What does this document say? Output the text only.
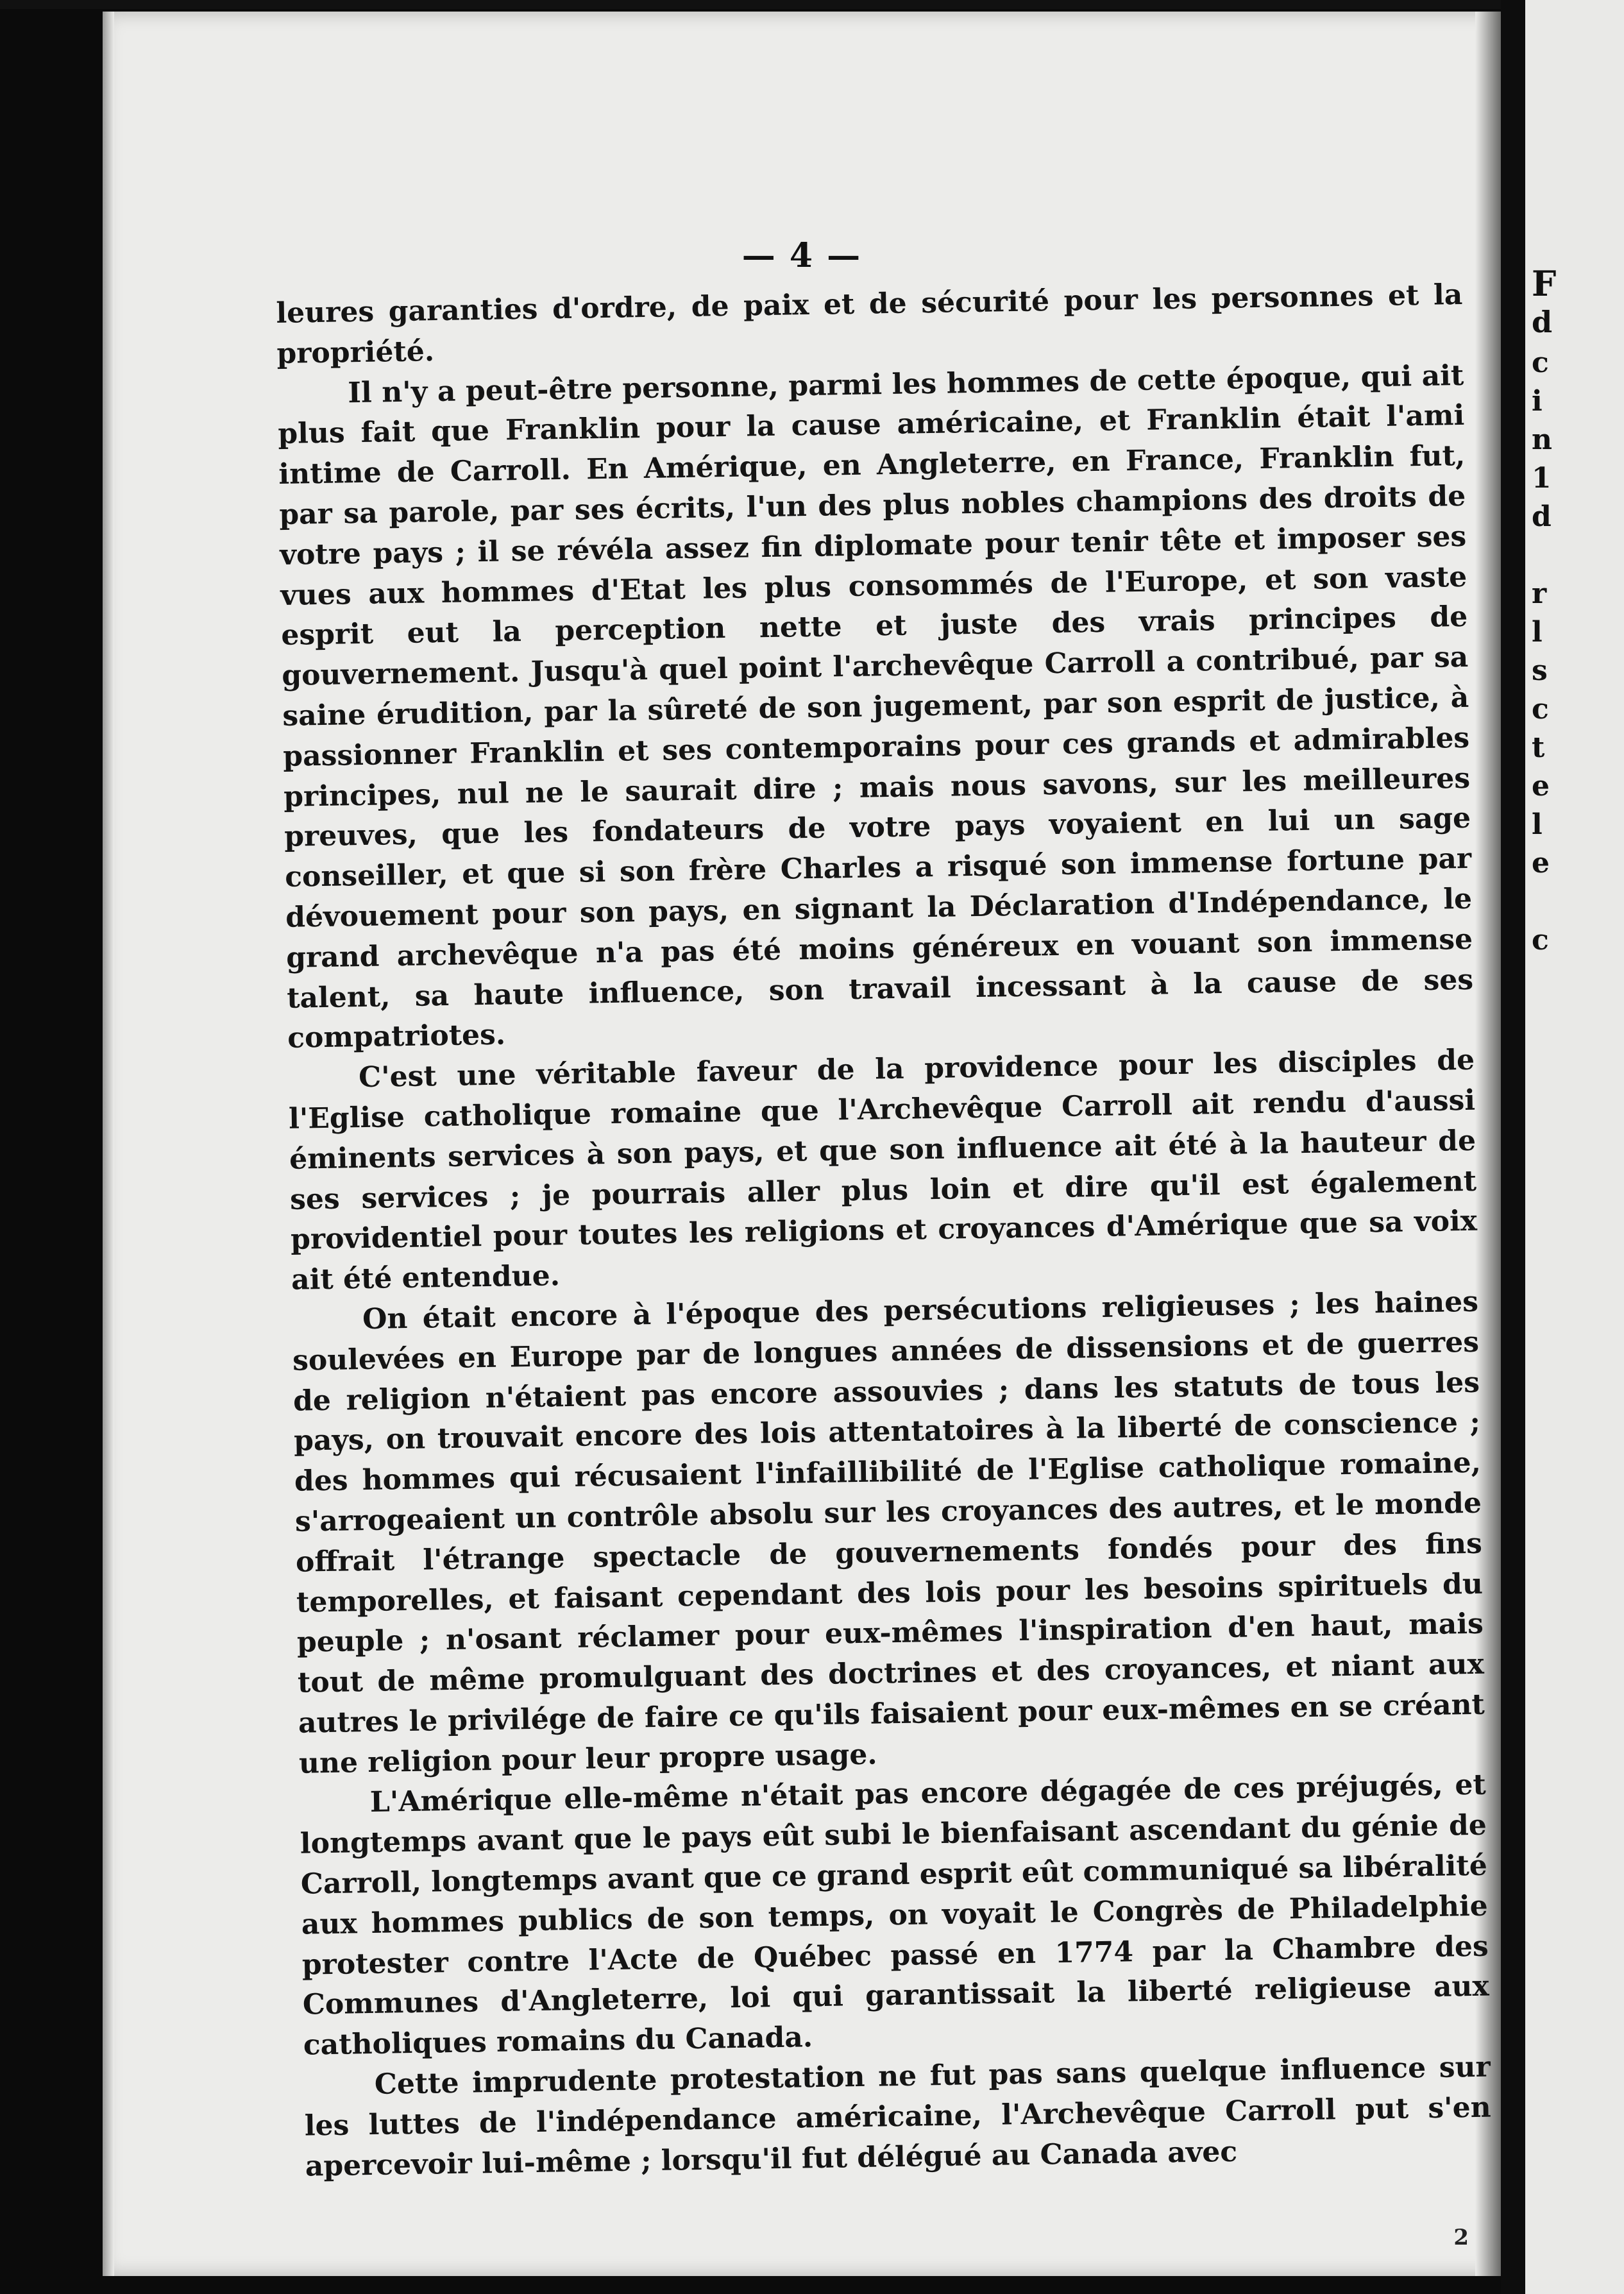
— 4 —

leures garanties d'ordre, de paix et de sécurité pour les personnes et la propriété.

Il n'y a peut-être personne, parmi les hommes de cette époque, qui ait plus fait que Franklin pour la cause américaine, et Franklin était l'ami intime de Carroll. En Amérique, en Angleterre, en France, Franklin fut, par sa parole, par ses écrits, l'un des plus nobles champions des droits de votre pays ; il se révéla assez fin diplomate pour tenir tête et imposer ses vues aux hommes d'Etat les plus consommés de l'Europe, et son vaste esprit eut la perception nette et juste des vrais principes de gouvernement. Jusqu'à quel point l'archevêque Carroll a contribué, par sa saine érudition, par la sûreté de son jugement, par son esprit de justice, à passionner Franklin et ses contemporains pour ces grands et admirables principes, nul ne le saurait dire ; mais nous savons, sur les meilleures preuves, que les fondateurs de votre pays voyaient en lui un sage conseiller, et que si son frère Charles a risqué son immense fortune par dévouement pour son pays, en signant la Déclaration d'Indépendance, le grand archevêque n'a pas été moins généreux en vouant son immense talent, sa haute influence, son travail incessant à la cause de ses compatriotes.

C'est une véritable faveur de la providence pour les disciples de l'Eglise catholique romaine que l'Archevêque Carroll ait rendu d'aussi éminents services à son pays, et que son influence ait été à la hauteur de ses services ; je pourrais aller plus loin et dire qu'il est également providentiel pour toutes les religions et croyances d'Amérique que sa voix ait été entendue.

On était encore à l'époque des persécutions religieuses ; les haines soulevées en Europe par de longues années de dissensions et de guerres de religion n'étaient pas encore assouvies ; dans les statuts de tous les pays, on trouvait encore des lois attentatoires à la liberté de conscience ; des hommes qui récusaient l'infaillibilité de l'Eglise catholique romaine, s'arrogeaient un contrôle absolu sur les croyances des autres, et le monde offrait l'étrange spectacle de gouvernements fondés pour des fins temporelles, et faisant cependant des lois pour les besoins spirituels du peuple ; n'osant réclamer pour eux-mêmes l'inspiration d'en haut, mais tout de même promulguant des doctrines et des croyances, et niant aux autres le privilége de faire ce qu'ils faisaient pour eux-mêmes en se créant une religion pour leur propre usage.

L'Amérique elle-même n'était pas encore dégagée de ces préjugés, et longtemps avant que le pays eût subi le bienfaisant ascendant du génie de Carroll, longtemps avant que ce grand esprit eût communiqué sa libéralité aux hommes publics de son temps, on voyait le Congrès de Philadelphie protester contre l'Acte de Québec passé en 1774 par la Chambre des Communes d'Angleterre, loi qui garantissait la liberté religieuse aux catholiques romains du Canada.

Cette imprudente protestation ne fut pas sans quelque influence sur les luttes de l'indépendance américaine, l'Archevêque Carroll put s'en apercevoir lui-même ; lorsqu'il fut délégué au Canada avec

2
F
d
c
i
n
1
d
r
l
s
c
t
e
l
e
c
